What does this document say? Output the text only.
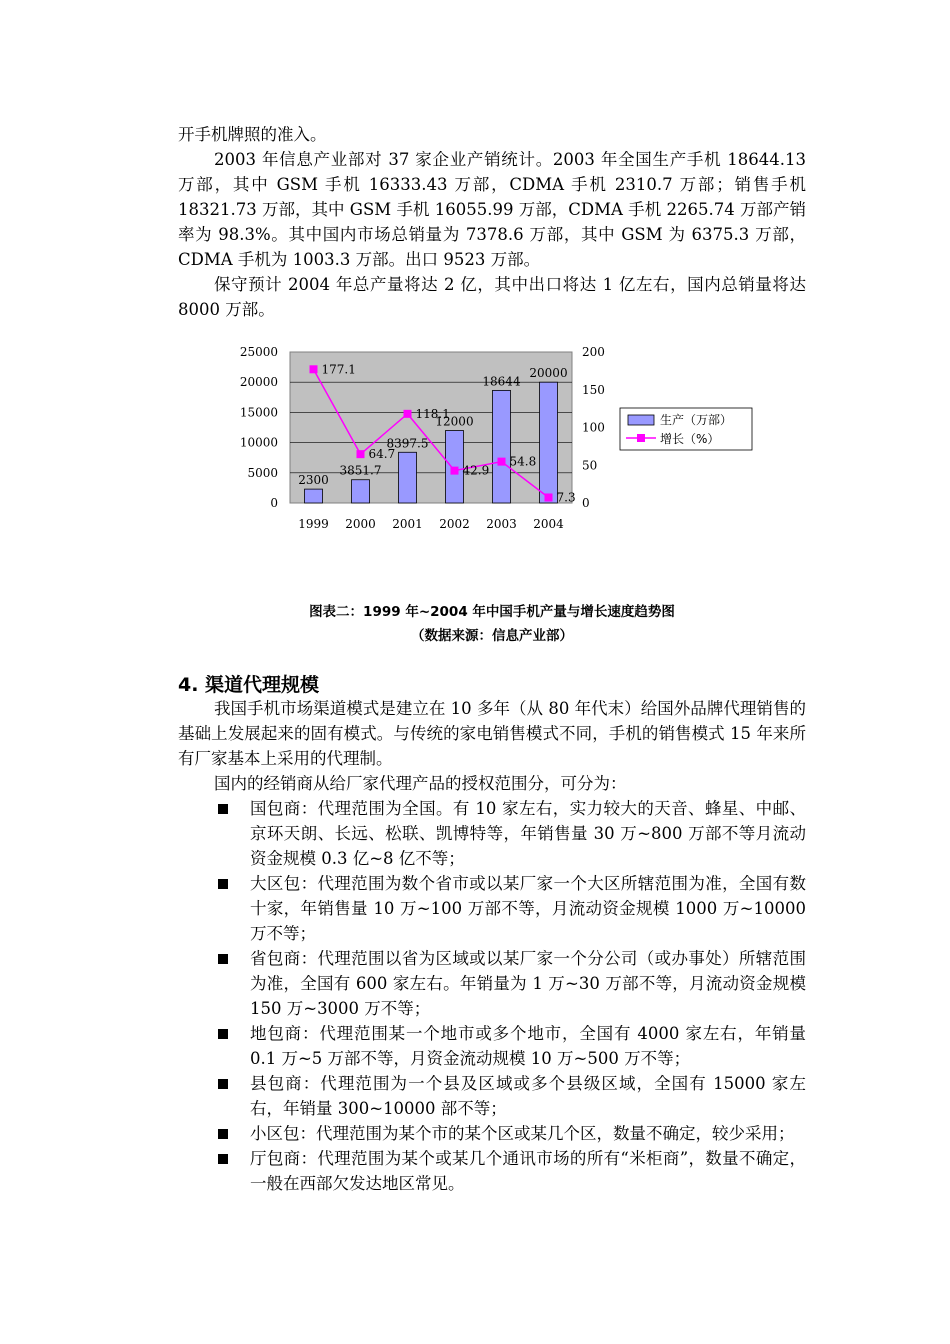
开手机牌照的准入。

2003 年信息产业部对 37 家企业产销统计。2003 年全国生产手机 18644.13 万部，其中 GSM 手机 16333.43 万部，CDMA 手机 2310.7 万部；销售手机 18321.73 万部，其中 GSM 手机 16055.99 万部，CDMA 手机 2265.74 万部产销率为 98.3%。其中国内市场总销量为 7378.6 万部，其中 GSM 为 6375.3 万部，CDMA 手机为 1003.3 万部。出口 9523 万部。

保守预计 2004 年总产量将达 2 亿，其中出口将达 1 亿左右，国内总销量将达 8000 万部。

0
5000
10000
15000
20000
25000
0
50
100
150
200
2300
3851.7
8397.5
12000
18644
20000
1999 2000 2001 2002 2003 2004
177.1
64.7
118.1
42.9
54.8
7.3
生产（万部）
增长（%）
图表二：1999 年~2004 年中国手机产量与增长速度趋势图
（数据来源：信息产业部）
4. 渠道代理规模

我国手机市场渠道模式是建立在 10 多年（从 80 年代末）给国外品牌代理销售的基础上发展起来的固有模式。与传统的家电销售模式不同，手机的销售模式 15 年来所有厂家基本上采用的代理制。

国内的经销商从给厂家代理产品的授权范围分，可分为：

国包商：代理范围为全国。有 10 家左右，实力较大的天音、蜂星、中邮、京环天朗、长远、松联、凯博特等，年销售量 30 万~800 万部不等月流动资金规模 0.3 亿~8 亿不等；

大区包：代理范围为数个省市或以某厂家一个大区所辖范围为准，全国有数十家，年销售量 10 万~100 万部不等，月流动资金规模 1000 万~10000 万不等；

省包商：代理范围以省为区域或以某厂家一个分公司（或办事处）所辖范围为准，全国有 600 家左右。年销量为 1 万~30 万部不等，月流动资金规模 150 万~3000 万不等；

地包商：代理范围某一个地市或多个地市，全国有 4000 家左右，年销量 0.1 万~5 万部不等，月资金流动规模 10 万~500 万不等；

县包商：代理范围为一个县及区域或多个县级区域，全国有 15000 家左右，年销量 300~10000 部不等；

小区包：代理范围为某个市的某个区或某几个区，数量不确定，较少采用；

厅包商：代理范围为某个或某几个通讯市场的所有“米柜商”，数量不确定，一般在西部欠发达地区常见。
